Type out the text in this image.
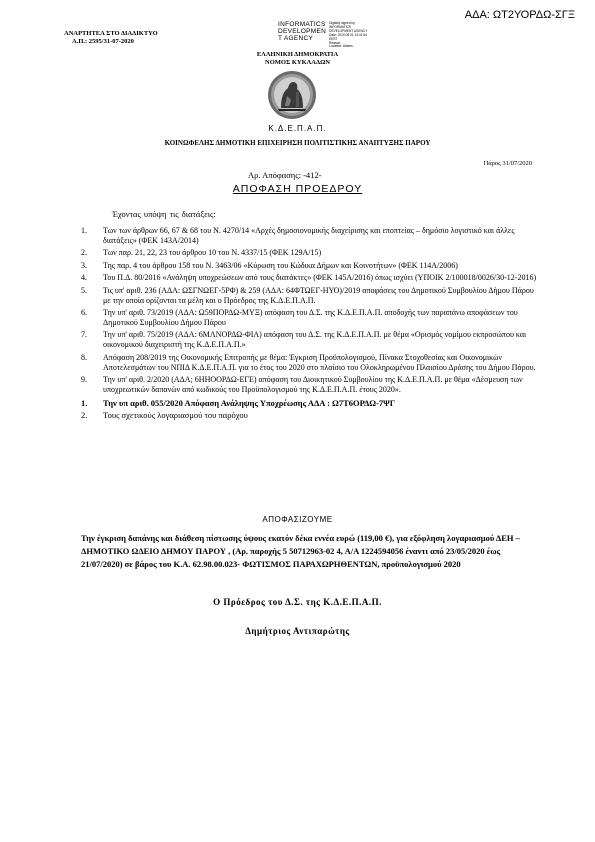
ΑΔΑ: ΩΤ2ΥΟΡΔΩ-ΣΓΞ
ΑΝΑΡΤΗΤΕΑ ΣΤΟ ΔΙΑΔΙΚΤΥΟ
Α.Π.: 2595/31-07-2020
INFORMATICS
DEVELOPMEN
T AGENCY
Digitally signed by
INFORMATICS
DEVELOPMENT AGENCY
Date: 2020.08.01 13:41:54
EEST
Reason:
Location: Athens
ΕΛΛΗΝΙΚΗ ΔΗΜΟΚΡΑΤΙΑ
ΝΟΜΟΣ ΚΥΚΛΑΔΩΝ
Κ.Δ.Ε.Π.Α.Π.
ΚΟΙΝΩΦΕΛΗΣ ΔΗΜΟΤΙΚΗ ΕΠΙΧΕΙΡΗΣΗ ΠΟΛΙΤΙΣΤΙΚΗΣ ΑΝΑΠΤΥΞΗΣ ΠΑΡΟΥ
Πάρος 31/07/2020
Αρ. Απόφασης: -412-
ΑΠΟΦΑΣΗ ΠΡΟΕΔΡΟΥ
Έχοντας υπόψη τις διατάξεις:
1. Των των άρθρων 66, 67 & 68 του Ν. 4270/14 «Αρχές δημοσιονομικής διαχείρισης και εποπτείας – δημόσιο λογιστικό και άλλες διατάξεις» (ΦΕΚ 143Α/2014)
2. Των παρ. 21, 22, 23 του άρθρου 10 του Ν. 4337/15 (ΦΕΚ 129Α/15)
3. Της παρ. 4 του άρθρου 158 του Ν. 3463/06 «Κύρωση του Κώδικα Δήμων και Κοινοτήτων» (ΦΕΚ 114Α/2006)
4. Του Π.Δ. 80/2016 «Ανάληψη υποχρεώσεων από τους διατάκτες» (ΦΕΚ 145Α/2016) όπως ισχύει (ΥΠΟΙΚ 2/100018/0026/30-12-2016)
5. Τις υπ' αριθ. 236 (ΑΔΑ: ΩΣΓΝΩΕΓ-5ΡΦ) & 259 (ΑΔΑ: 64ΦΤΩΕΓ-ΗΥΟ)/2019 αποφάσεις του Δημοτικού Συμβουλίου Δήμου Πάρου με την οποία ορίζονται τα μέλη και ο Πρόεδρος της Κ.Δ.Ε.Π.Α.Π.
6. Την υπ' αριθ. 73/2019 (ΑΔΑ: Ω59ΠΟΡΔΩ-ΜΥΞ) απόφαση του Δ.Σ. της Κ.Δ.Ε.Π.Α.Π. αποδοχής των παραπάνω αποφάσεων του Δημοτικού Συμβουλίου Δήμου Πάρου
7. Την υπ' αριθ. 75/2019 (ΑΔΑ: 6ΜΛΝΟΡΔΩ-ΦΙΑ) απόφαση του Δ.Σ. της Κ.Δ.Ε.Π.Α.Π. με θέμα «Ορισμός νομίμου εκπροσώπου και οικονομικού διαχειριστή της Κ.Δ.Ε.Π.Α.Π.»
8. Απόφαση 208/2019 της Οικονομικής Επιτροπής με θέμα: Έγκριση Προϋπολογισμού, Πίνακα Στοχοθεσίας και Οικονομικών Αποτελεσμάτων του ΝΠΙΔ Κ.Δ.Ε.Π.Α.Π. για το έτος του 2020 στο πλαίσιο του Ολοκληρωμένου Πλαισίου Δράσης του Δήμου Πάρου.
9. Την υπ' αριθ. 2/2020 (ΑΔΑ; 6ΗΗΟΟΡΔΩ-ΕΓΕ) απόφαση του Διοικητικού Συμβουλίου της Κ.Δ.Ε.Π.Α.Π. με θέμα «Δέσμευση των υποχρεωτικών δαπανών από κωδικούς του Προϋπολογισμού της Κ.Δ.Ε.Π.Α.Π. έτους 2020».
1. Την υπ αριθ. 055/2020 Απόφαση Ανάληψης Υποχρέωσης ΑΔΑ : Ω7Τ6ΟΡΔΩ-7ΨΓ
2. Τους σχετικούς λογαριασμού του παρόχου
ΑΠΟΦΑΣΙΖΟΥΜΕ
Την έγκριση δαπάνης και διάθεση πίστωσης ύψους εκατόν δέκα εννέα ευρώ (119,00 €), για εξόφληση λογαριασμού ΔΕΗ – ΔΗΜΟΤΙΚΟ ΩΔΕΙΟ ΔΗΜΟΥ ΠΑΡΟΥ , (Αρ. παροχής 5 50712963-02 4, Α/Α 1224594056 έναντι από 23/05/2020 έως 21/07/2020) σε βάρος του Κ.Α. 62.98.00.023- ΦΩΤΙΣΜΟΣ ΠΑΡΑΧΩΡΗΘΕΝΤΩΝ, προϋπολογισμού 2020
Ο Πρόεδρος του Δ.Σ. της Κ.Δ.Ε.Π.Α.Π.
Δημήτριος Αντιπαρώτης
